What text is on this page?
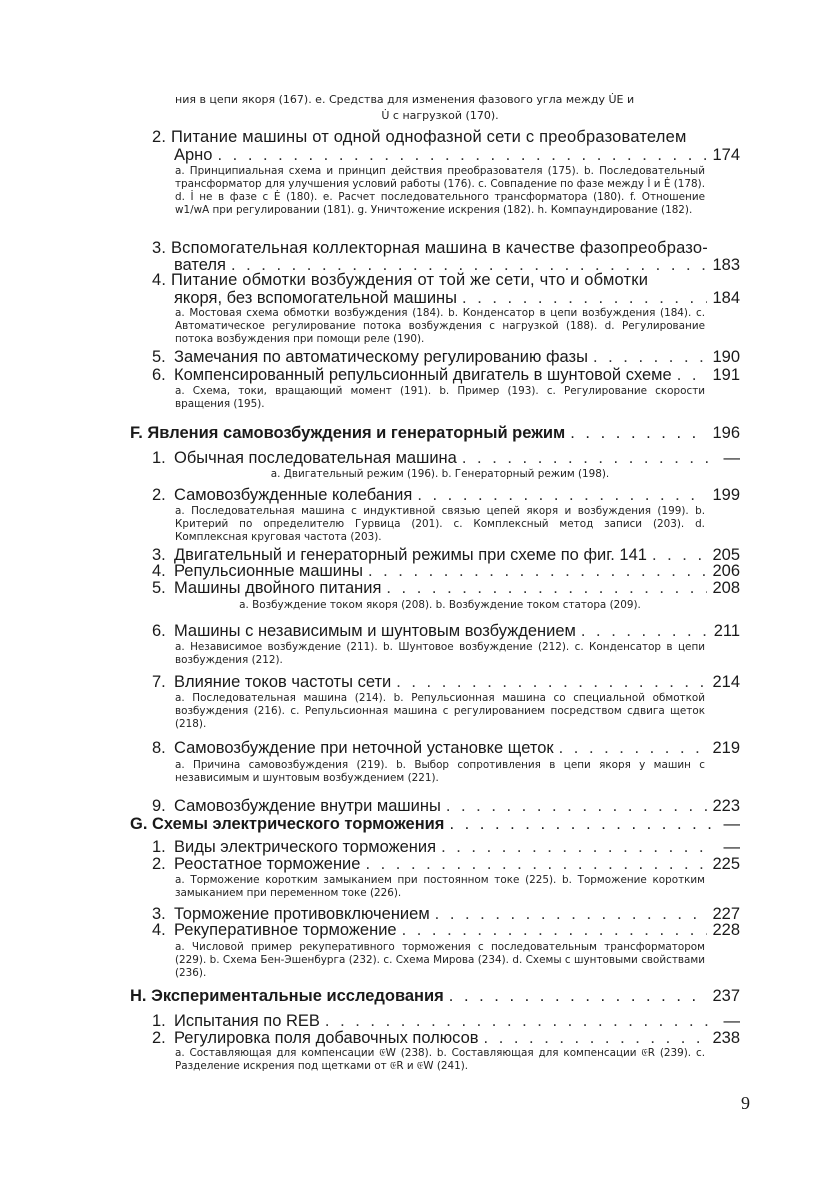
ния в цепи якоря (167). е. Средства для изменения фазового угла между U̇E и
U̇ с нагрузкой (170).
2. Питание машины от одной однофазной сети с преобразователем
Арно . . .	174
а. Принципиальная схема и принцип действия преобразователя (175). b. Последовательный трансформатор для улучшения условий работы (176). с. Совпадение по фазе между İ и Ė (178). d. İ не в фазе с Ė (180). е. Расчет последовательного трансформатора (180). f. Отношение w1/wA при регулировании (181). g. Уничтожение искрения (182). h. Компаундирование (182).
3. Вспомогательная коллекторная машина в качестве фазопреобразо-
вателя . . .	183
4. Питание обмотки возбуждения от той же сети, что и обмотки
якоря, без вспомогательной машины . . .	184
а. Мостовая схема обмотки возбуждения (184). b. Конденсатор в цепи возбуждения (184). с. Автоматическое регулирование потока возбуждения с нагрузкой (188). d. Регулирование потока возбуждения при помощи реле (190).
5. Замечания по автоматическому регулированию фазы . . .	190
6. Компенсированный репульсионный двигатель в шунтовой схеме . . . 191
а. Схема, токи, вращающий момент (191). b. Пример (193). с. Регулирование скорости вращения (195).
F. Явления самовозбуждения и генераторный режим . . .	196
1. Обычная последовательная машина . . .	—
а. Двигательный режим (196). b. Генераторный режим (198).
2. Самовозбужденные колебания . . .	199
а. Последовательная машина с индуктивной связью цепей якоря и возбуждения (199). b. Критерий по определителю Гурвица (201). с. Комплексный метод записи (203). d. Комплексная круговая частота (203).
3. Двигательный и генераторный режимы при схеме по фиг. 141 . . .	205
4. Репульсионные машины . . .	206
5. Машины двойного питания . . .	208
а. Возбуждение током якоря (208). b. Возбуждение током статора (209).
6. Машины с независимым и шунтовым возбуждением . . .	211
а. Независимое возбуждение (211). b. Шунтовое возбуждение (212). с. Конденсатор в цепи возбуждения (212).
7. Влияние токов частоты сети . . .	214
а. Последовательная машина (214). b. Репульсионная машина со специальной обмоткой возбуждения (216). с. Репульсионная машина с регулированием посредством сдвига щеток (218).
8. Самовозбуждение при неточной установке щеток . . .	219
а. Причина самовозбуждения (219). b. Выбор сопротивления в цепи якоря у машин с независимым и шунтовым возбуждением (221).
9. Самовозбуждение внутри машины . . .	223
G. Схемы электрического торможения . . .	—
1. Виды электрического торможения . . .	—
2. Реостатное торможение . . .	225
а. Торможение коротким замыканием при постоянном токе (225). b. Торможение коротким замыканием при переменном токе (226).
3. Торможение противовключением . . .	227
4. Рекуперативное торможение . . .	228
а. Числовой пример рекуперативного торможения с последовательным трансформатором (229). b. Схема Бен-Эшенбурга (232). с. Схема Мирова (234). d. Схемы с шунтовыми свойствами (236).
H. Экспериментальные исследования . . .	237
1. Испытания по REB . . .	—
2. Регулировка поля добавочных полюсов . . .	238
а. Составляющая для компенсации 𝔈W (238). b. Составляющая для компенсации 𝔈R (239). с. Разделение искрения под щетками от 𝔈R и 𝔈W (241).
9
